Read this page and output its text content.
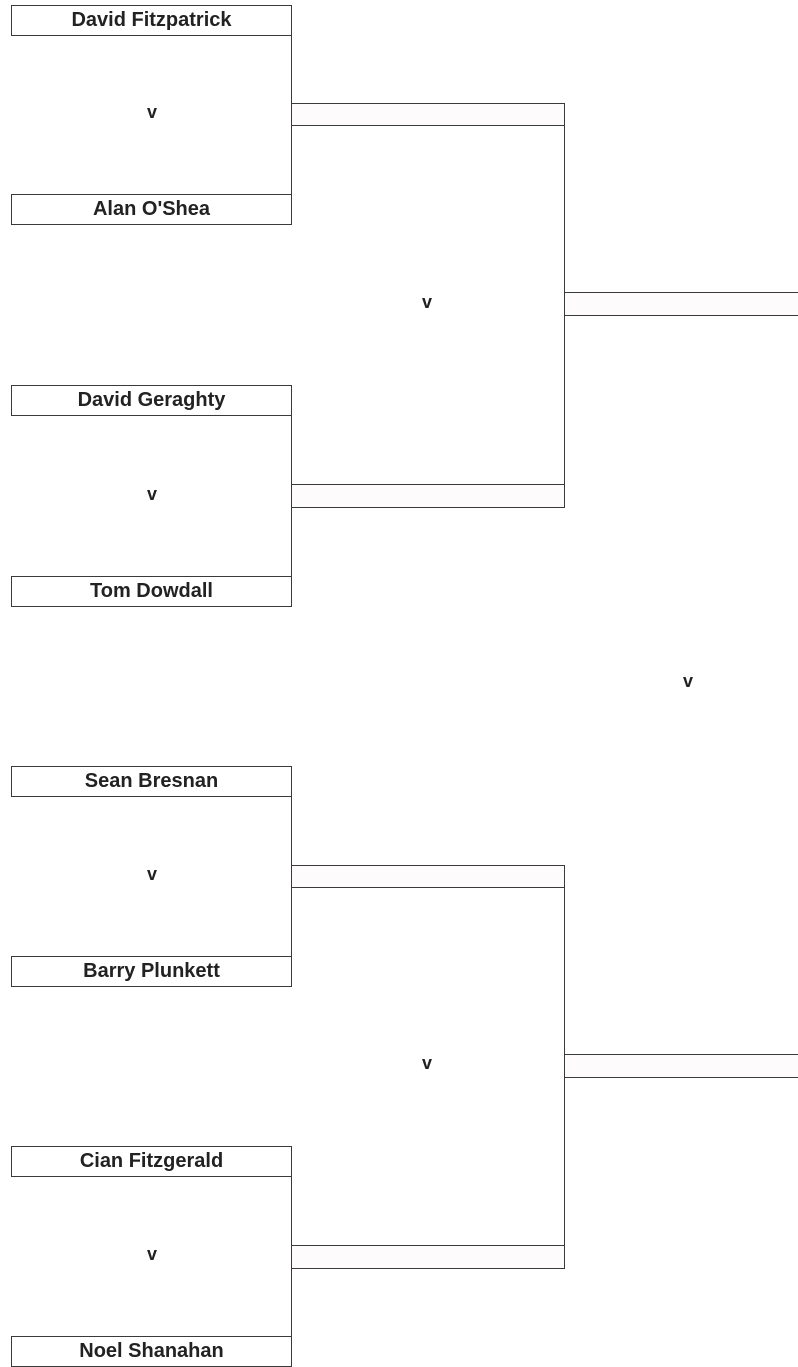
David Fitzpatrick
Alan O'Shea
David Geraghty
Tom Dowdall
Sean Bresnan
Barry Plunkett
Cian Fitzgerald
Noel Shanahan
v
v
v
v
v
v
v
